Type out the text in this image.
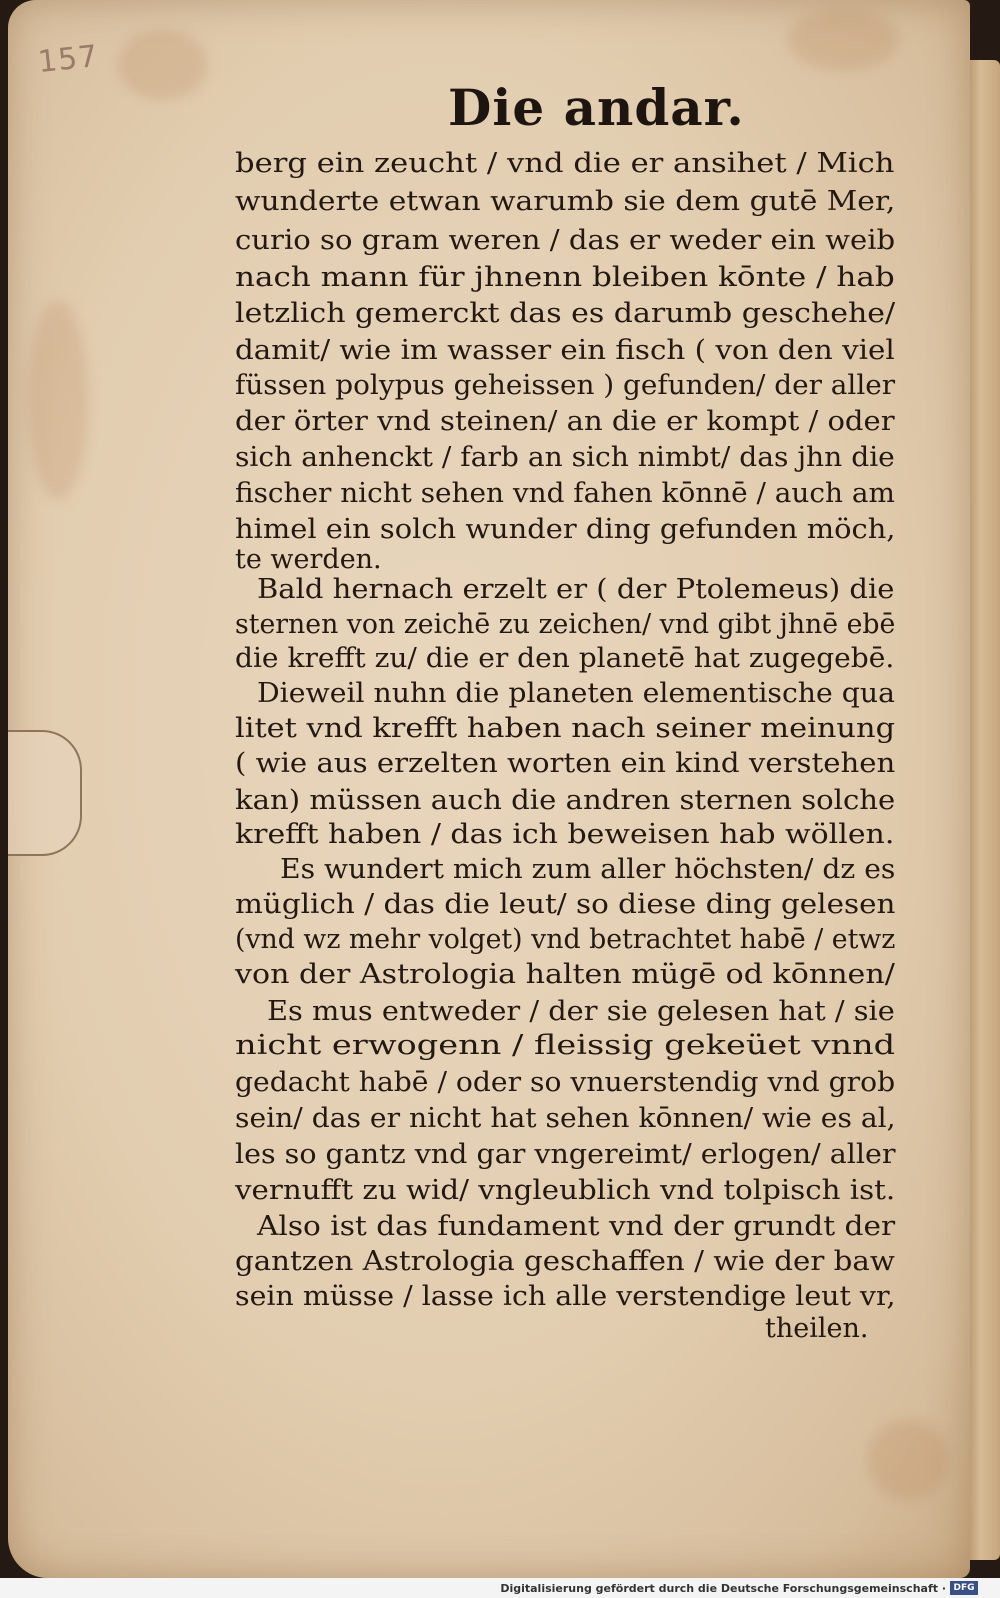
157
Die andar.
berg ein zeucht / vnd die er ansihet / Mich
wunderte etwan warumb sie dem gutē Mer,
curio so gram weren / das er weder ein weib
nach mann für jhnenn bleiben kōnte / hab
letzlich gemerckt das es darumb geschehe/
damit/ wie im wasser ein fisch ( von den viel
füssen polypus geheissen ) gefunden/ der aller
der örter vnd steinen/ an die er kompt / oder
sich anhenckt / farb an sich nimbt/ das jhn die
fischer nicht sehen vnd fahen kōnnē / auch am
himel ein solch wunder ding gefunden möch,
te werden.
Bald hernach erzelt er ( der Ptolemeus) die
sternen von zeichē zu zeichen/ vnd gibt jhnē ebē
die krefft zu/ die er den planetē hat zugegebē.
Dieweil nuhn die planeten elementische qua
litet vnd krefft haben nach seiner meinung
( wie aus erzelten worten ein kind verstehen
kan) müssen auch die andren sternen solche
krefft haben / das ich beweisen hab wöllen.
Es wundert mich zum aller höchsten/ dz es
müglich / das die leut/ so diese ding gelesen
(vnd wz mehr volget) vnd betrachtet habē / etwz
von der Astrologia halten mügē od kōnnen/
Es mus entweder / der sie gelesen hat / sie
nicht erwogenn / fleissig gekeüet vnnd
gedacht habē / oder so vnuerstendig vnd grob
sein/ das er nicht hat sehen kōnnen/ wie es al,
les so gantz vnd gar vngereimt/ erlogen/ aller
vernufft zu wid/ vngleublich vnd tolpisch ist.
Also ist das fundament vnd der grundt der
gantzen Astrologia geschaffen / wie der baw
sein müsse / lasse ich alle verstendige leut vr,
theilen.
Digitalisierung gefördert durch die Deutsche Forschungsgemeinschaft · DFG
